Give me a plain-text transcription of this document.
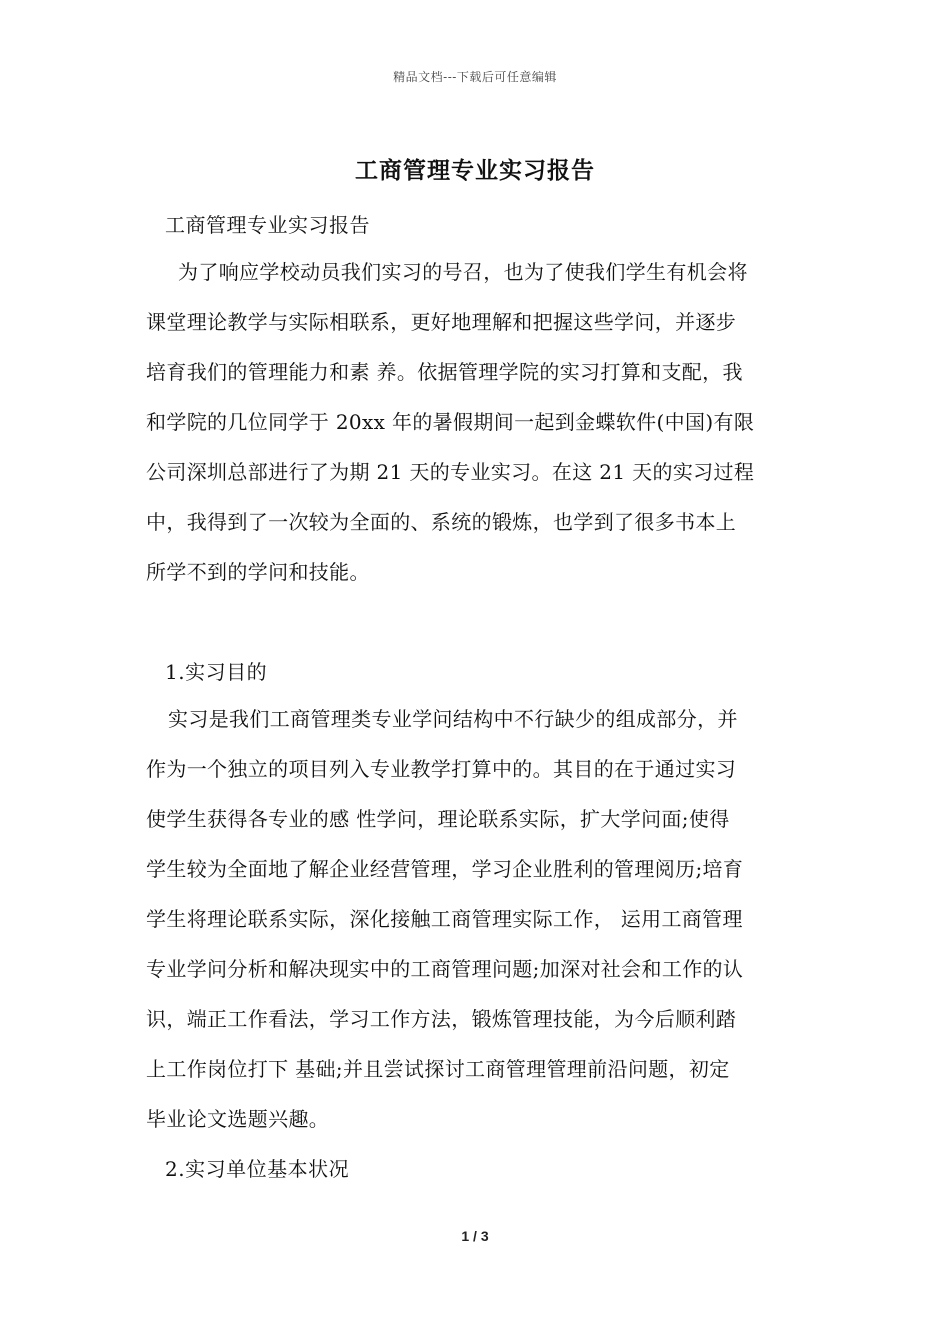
精品文档---下载后可任意编辑
工商管理专业实习报告
工商管理专业实习报告
为了响应学校动员我们实习的号召，也为了使我们学生有机会将
课堂理论教学与实际相联系，更好地理解和把握这些学问，并逐步
培育我们的管理能力和素 养。依据管理学院的实习打算和支配，我
和学院的几位同学于 20xx 年的暑假期间一起到金蝶软件(中国)有限
公司深圳总部进行了为期 21 天的专业实习。在这 21 天的实习过程
中，我得到了一次较为全面的、系统的锻炼，也学到了很多书本上
所学不到的学问和技能。
1.实习目的
实习是我们工商管理类专业学问结构中不行缺少的组成部分，并
作为一个独立的项目列入专业教学打算中的。其目的在于通过实习
使学生获得各专业的感 性学问，理论联系实际，扩大学问面;使得
学生较为全面地了解企业经营管理，学习企业胜利的管理阅历;培育
学生将理论联系实际，深化接触工商管理实际工作， 运用工商管理
专业学问分析和解决现实中的工商管理问题;加深对社会和工作的认
识，端正工作看法，学习工作方法，锻炼管理技能，为今后顺利踏
上工作岗位打下 基础;并且尝试探讨工商管理管理前沿问题，初定
毕业论文选题兴趣。
2.实习单位基本状况
1 / 3
